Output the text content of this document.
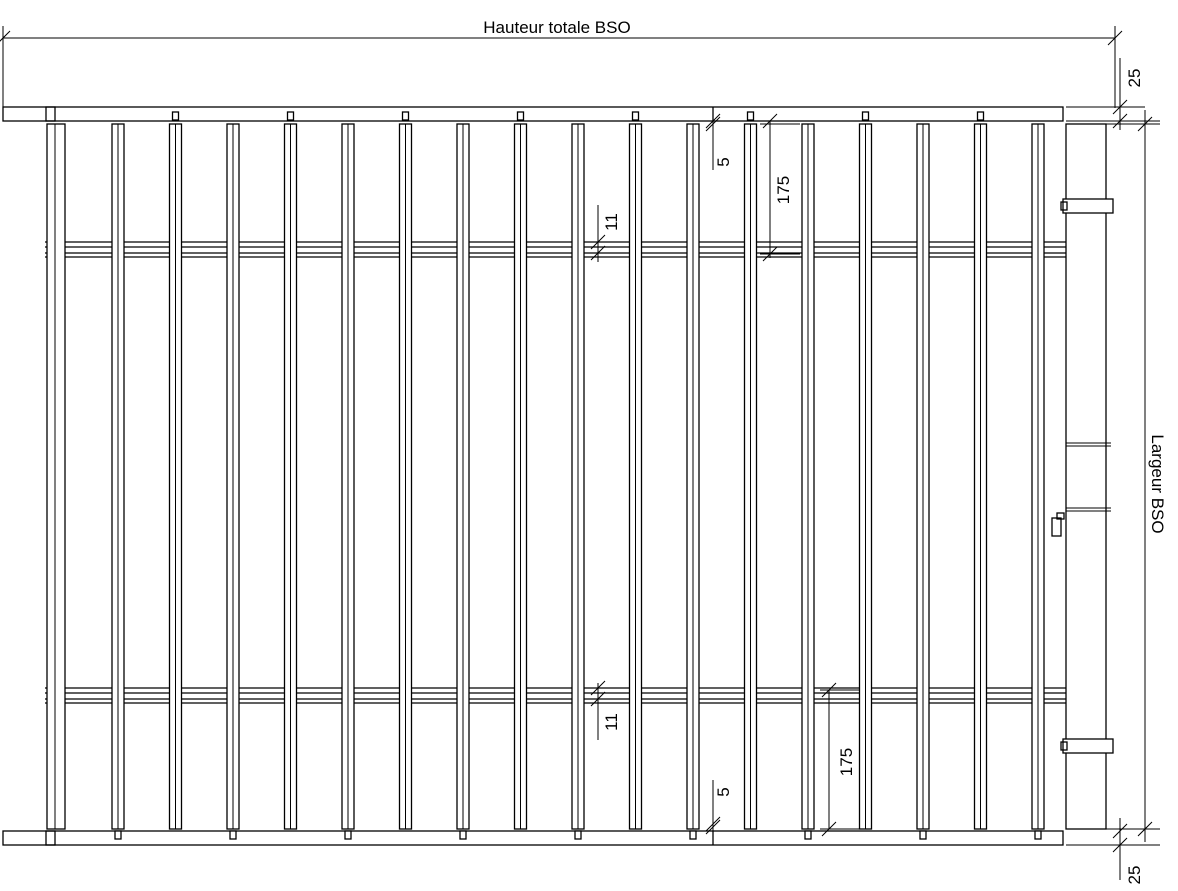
Hauteur totale BSO
Largeur BSO
25
25
5
5
11
11
175
175
